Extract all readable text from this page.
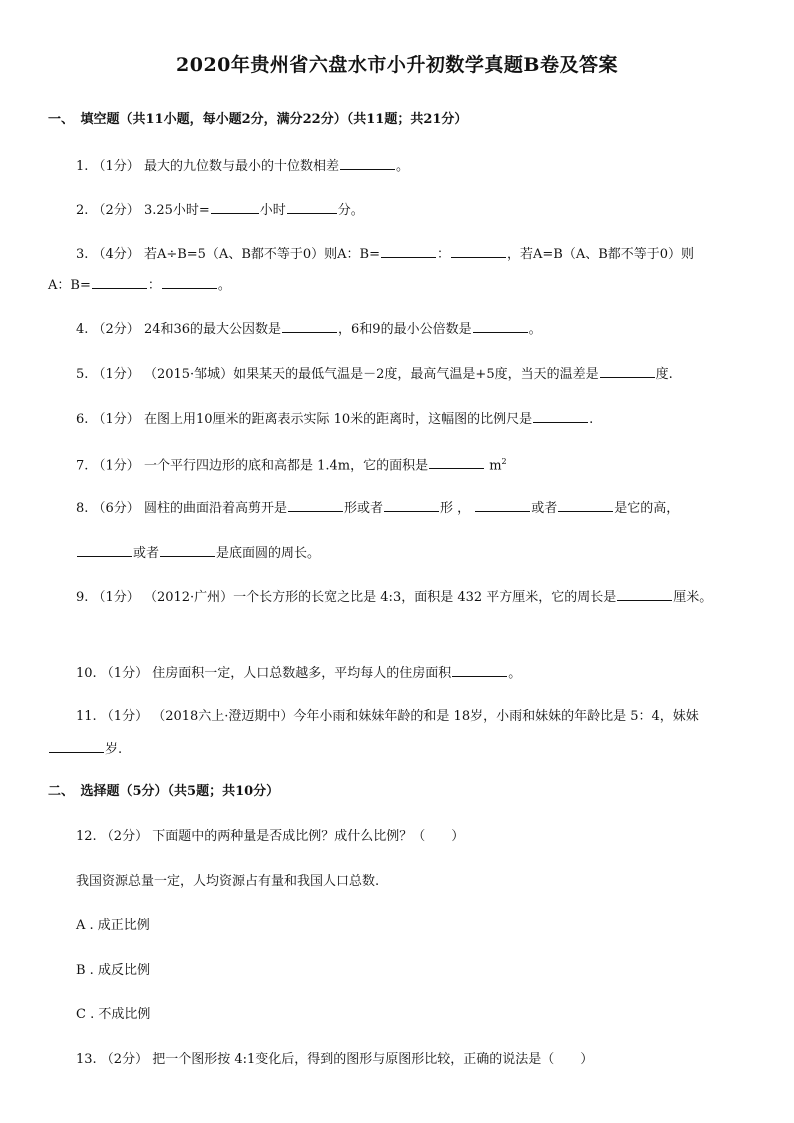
2020年贵州省六盘水市小升初数学真题B卷及答案
一、　填空题（共11小题，每小题2分，满分22分）（共11题；共21分）
1. （1分） 最大的九位数与最小的十位数相差	。
2. （2分） 3.25小时=	小时	分。
3. （4分） 若A÷B=5（A、B都不等于0）则A：B=	：	，若A=B（A、B都不等于0）则
A：B=	：	。
4. （2分） 24和36的最大公因数是	，6和9的最小公倍数是	。
5. （1分） （2015·邹城）如果某天的最低气温是－2度，最高气温是+5度，当天的温差是	度.
6. （1分） 在图上用10厘米的距离表示实际 10米的距离时，这幅图的比例尺是	.
7. （1分） 一个平行四边形的底和高都是 1.4m，它的面积是	$m^2$
8. （6分） 圆柱的曲面沿着高剪开是	形或者	形 ，	或者	是它的高，
或者	是底面圆的周长。
9. （1分） （2012·广州）一个长方形的长宽之比是 4:3，面积是 432 平方厘米，它的周长是	厘米。
10. （1分） 住房面积一定，人口总数越多，平均每人的住房面积	。
11. （1分） （2018六上·澄迈期中）今年小雨和妹妹年龄的和是 18岁，小雨和妹妹的年龄比是 5：4，妹妹
岁.
二、　选择题（5分）（共5题；共10分）
12. （2分） 下面题中的两种量是否成比例？成什么比例？（　　）
我国资源总量一定，人均资源占有量和我国人口总数.
A . 成正比例
B . 成反比例
C . 不成比例
13. （2分） 把一个图形按 4:1变化后，得到的图形与原图形比较，正确的说法是（　　）
